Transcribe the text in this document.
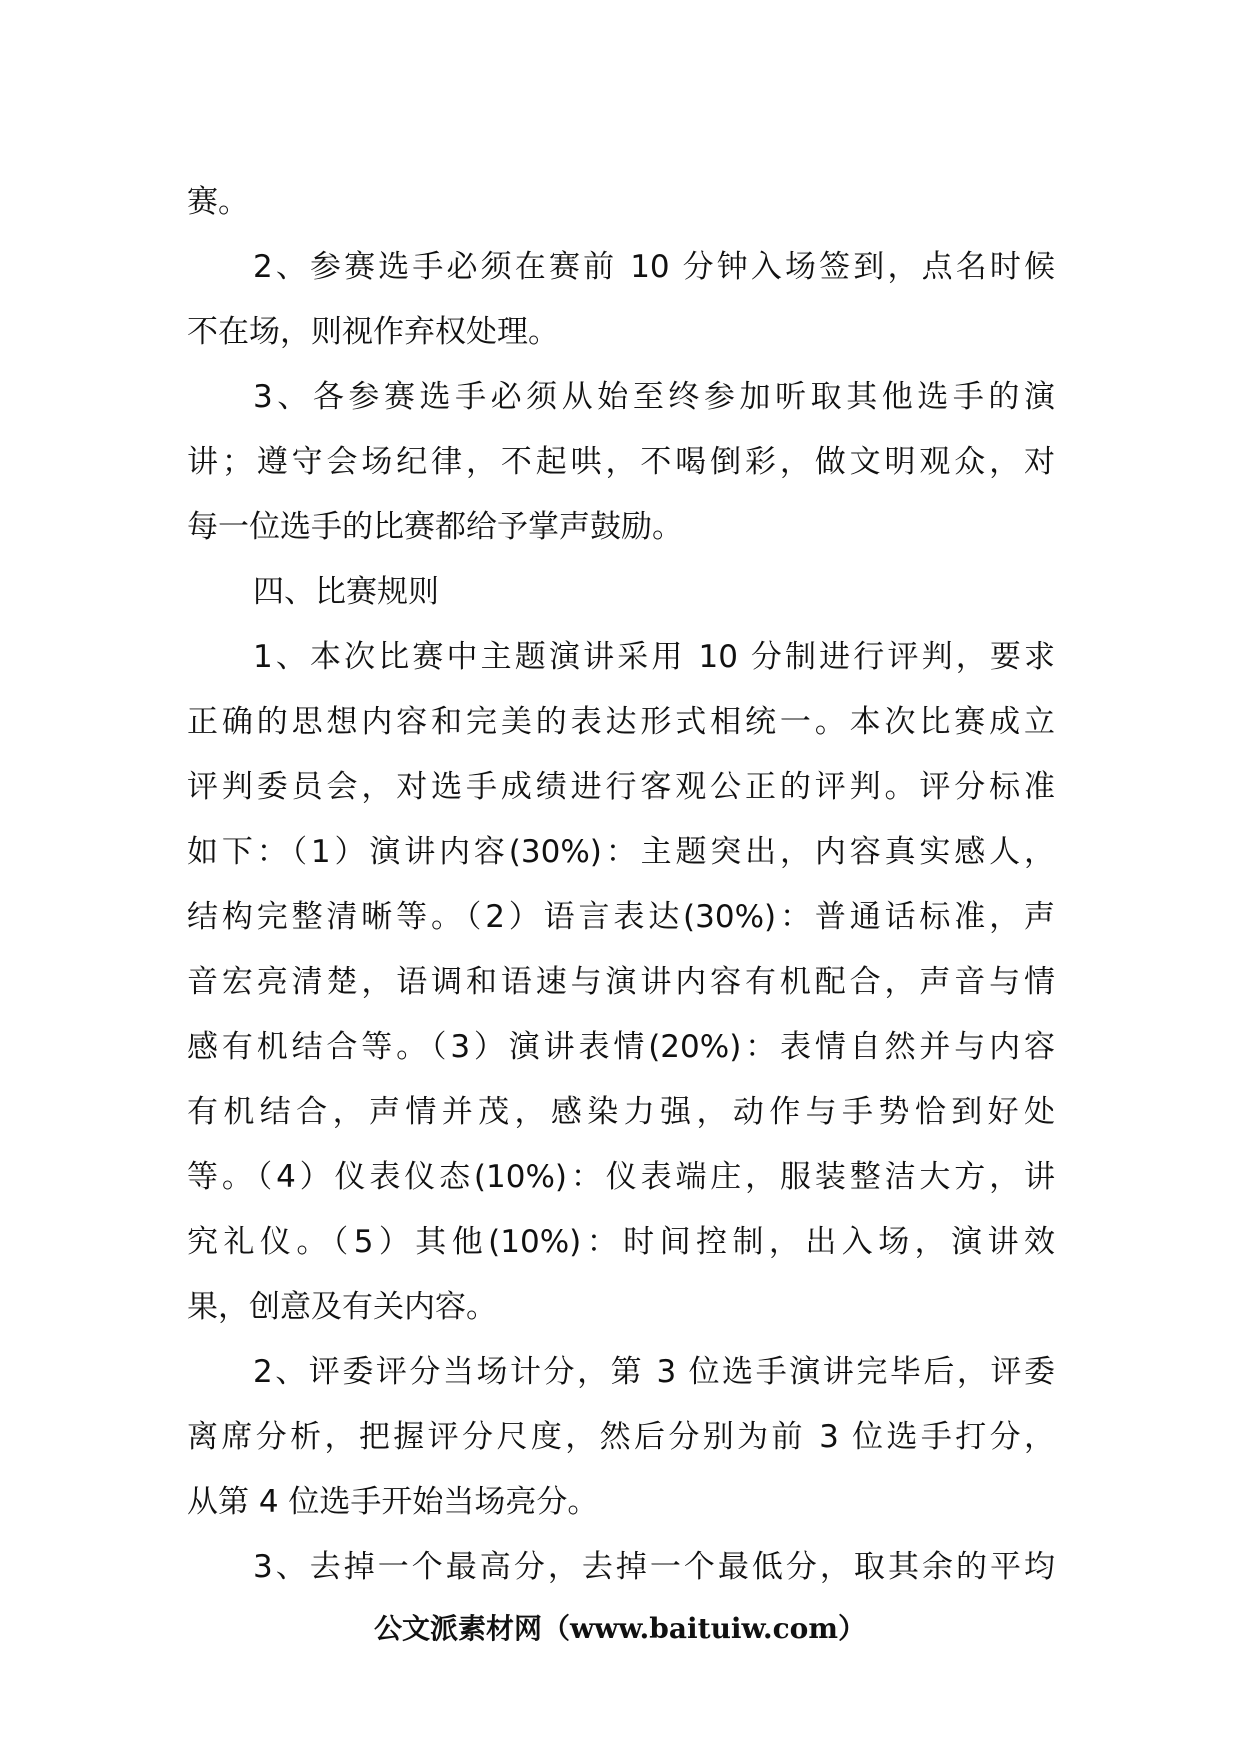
赛。
2、参赛选手必须在赛前 10 分钟入场签到，点名时候
不在场，则视作弃权处理。
3、各参赛选手必须从始至终参加听取其他选手的演
讲；遵守会场纪律，不起哄，不喝倒彩，做文明观众，对
每一位选手的比赛都给予掌声鼓励。
四、比赛规则
1、本次比赛中主题演讲采用 10 分制进行评判，要求
正确的思想内容和完美的表达形式相统一。本次比赛成立
评判委员会，对选手成绩进行客观公正的评判。评分标准
如下：（1）演讲内容(30%)：主题突出，内容真实感人，
结构完整清晰等。（2）语言表达(30%)：普通话标准，声
音宏亮清楚，语调和语速与演讲内容有机配合，声音与情
感有机结合等。（3）演讲表情(20%)：表情自然并与内容
有机结合，声情并茂，感染力强，动作与手势恰到好处
等。（4）仪表仪态(10%)：仪表端庄，服装整洁大方，讲
究礼仪。（5）其他(10%)：时间控制，出入场，演讲效
果，创意及有关内容。
2、评委评分当场计分，第 3 位选手演讲完毕后，评委
离席分析，把握评分尺度，然后分别为前 3 位选手打分，
从第 4 位选手开始当场亮分。
3、去掉一个最高分，去掉一个最低分，取其余的平均
公文派素材网（www.baituiw.com）
